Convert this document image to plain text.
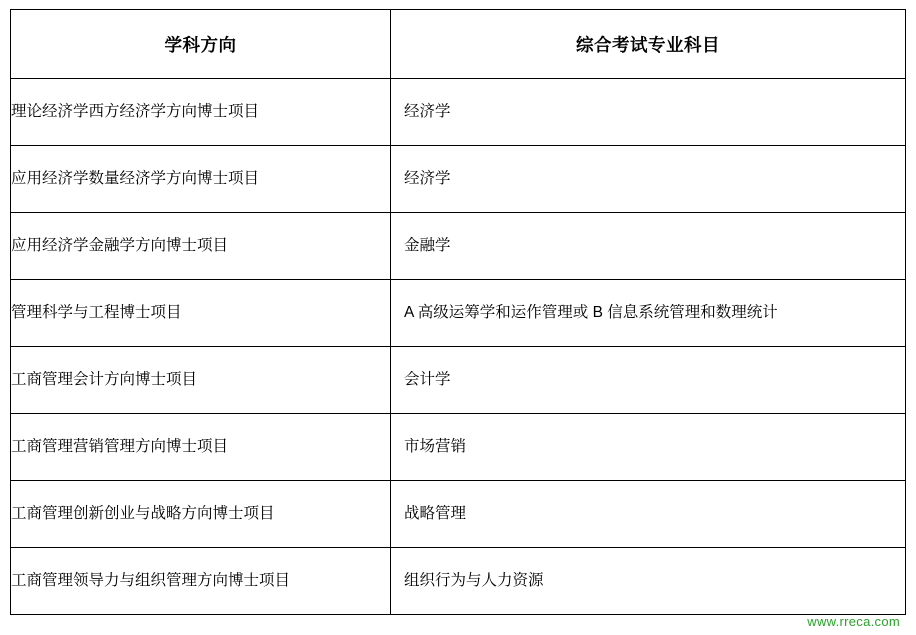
学科方向	综合考试专业科目
理论经济学西方经济学方向博士项目	经济学
应用经济学数量经济学方向博士项目	经济学
应用经济学金融学方向博士项目	金融学
管理科学与工程博士项目	A 高级运筹学和运作管理或 B 信息系统管理和数理统计
工商管理会计方向博士项目	会计学
工商管理营销管理方向博士项目	市场营销
工商管理创新创业与战略方向博士项目	战略管理
工商管理领导力与组织管理方向博士项目	组织行为与人力资源
www.rreca.com
